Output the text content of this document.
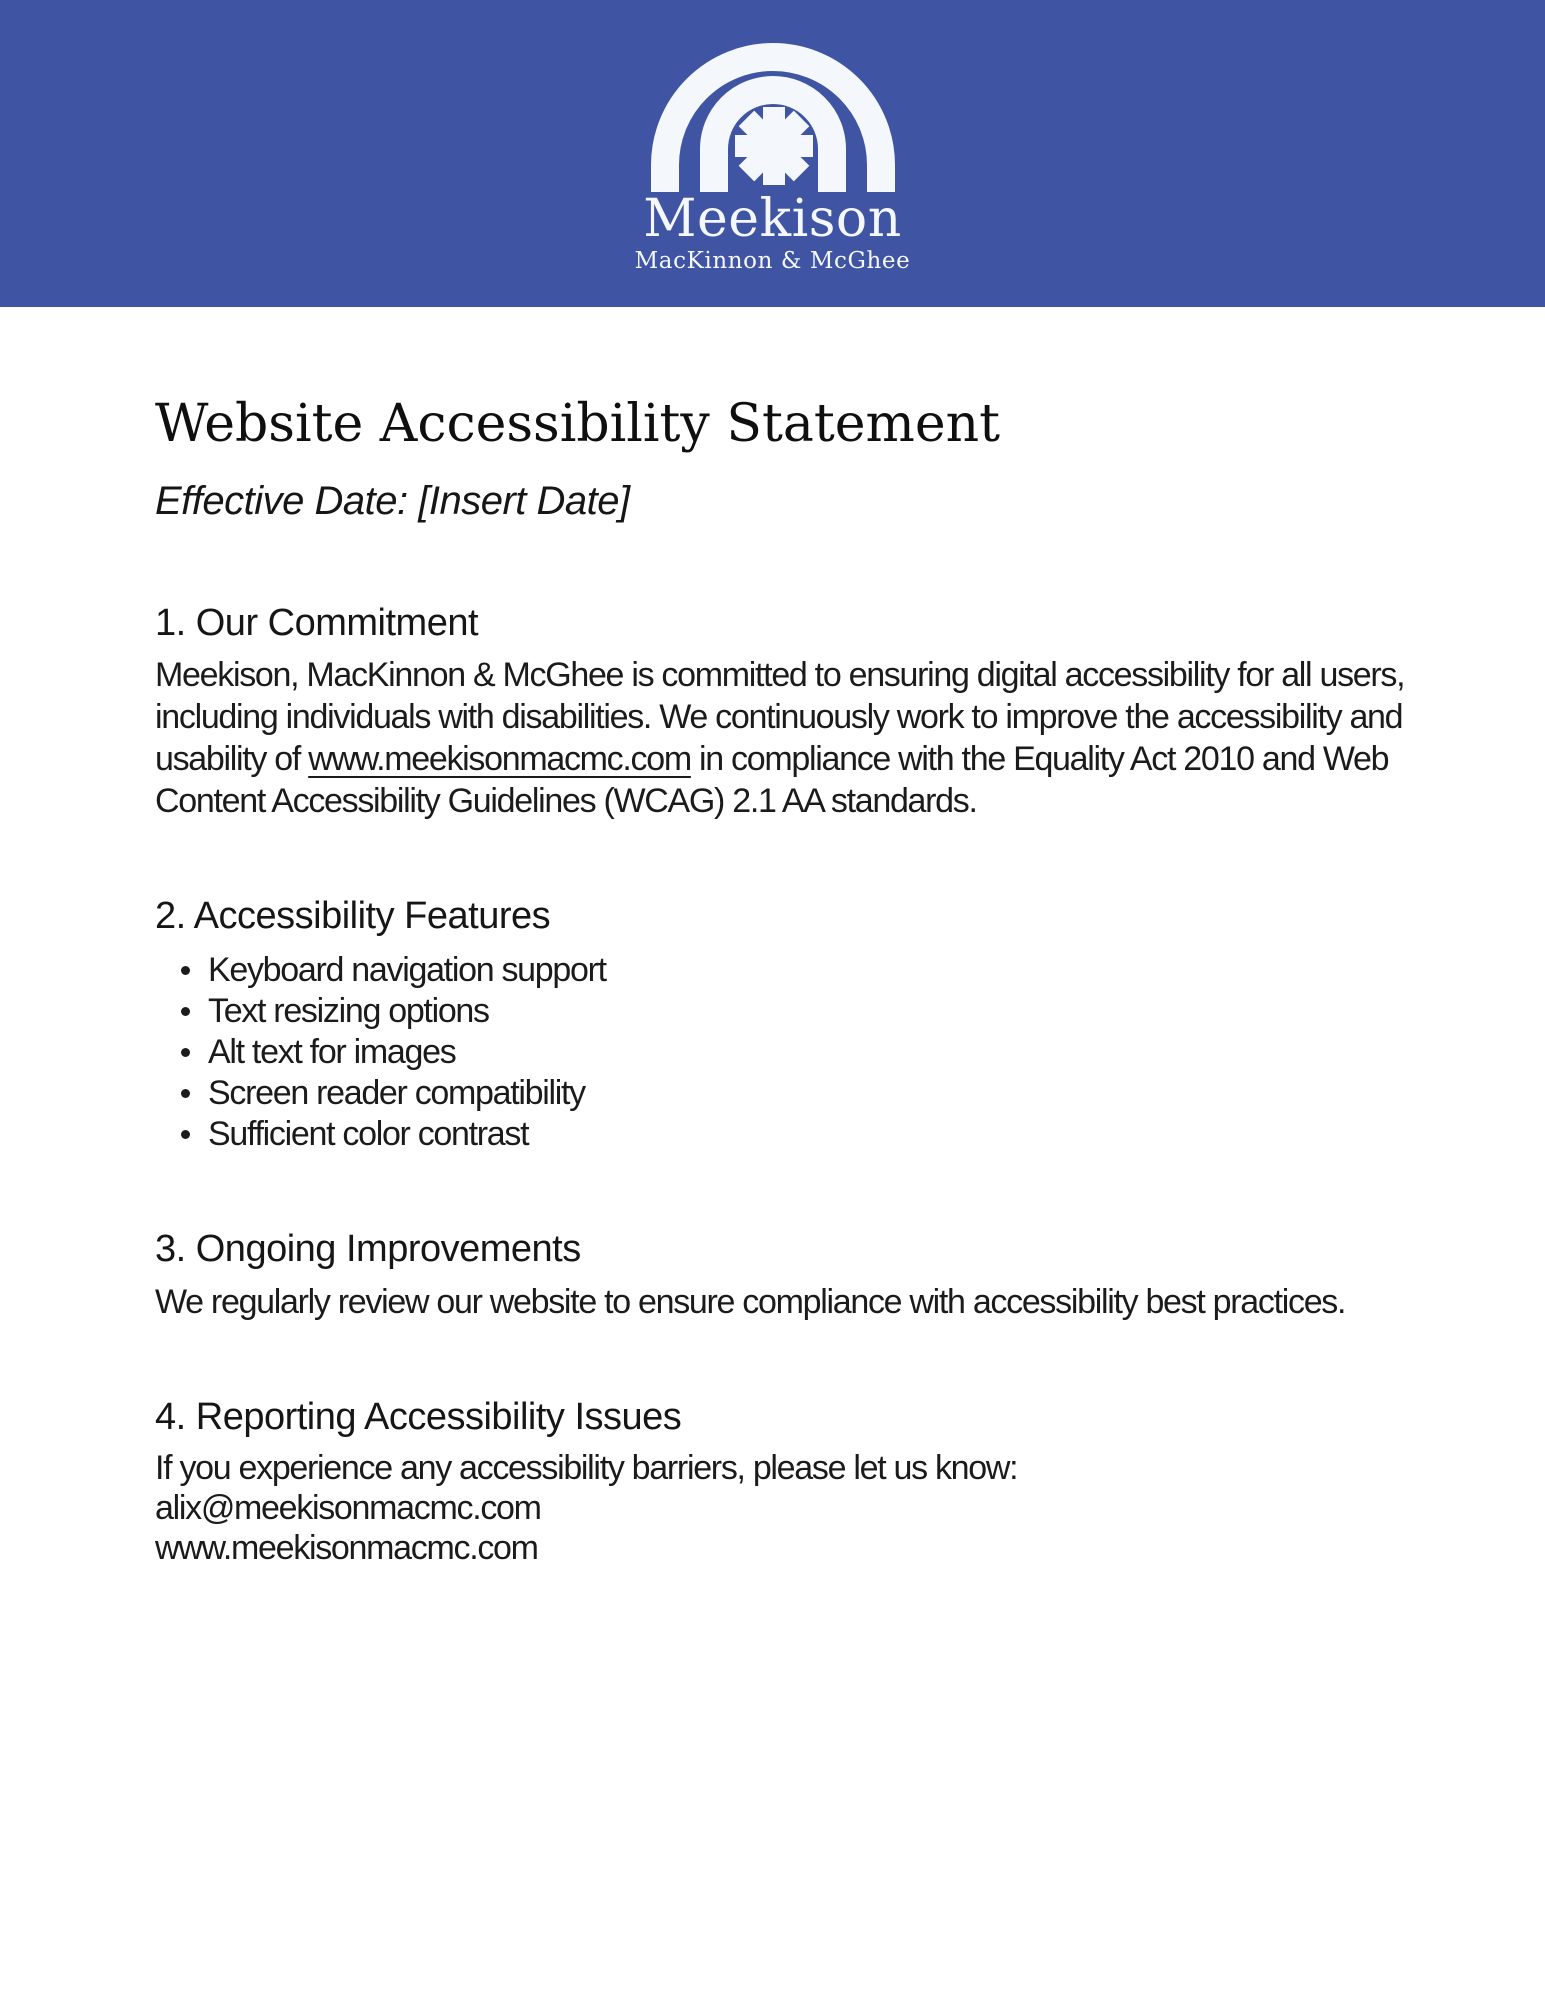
Meekison
MacKinnon & McGhee
Website Accessibility Statement
Effective Date: [Insert Date]
1. Our Commitment

Meekison, MacKinnon & McGhee is committed to ensuring digital accessibility for all users, including individuals with disabilities. We continuously work to improve the accessibility and usability of www.meekisonmacmc.com in compliance with the Equality Act 2010 and Web Content Accessibility Guidelines (WCAG) 2.1 AA standards.

2. Accessibility Features
Keyboard navigation support
Text resizing options
Alt text for images
Screen reader compatibility
Sufficient color contrast
3. Ongoing Improvements

We regularly review our website to ensure compliance with accessibility best practices.

4. Reporting Accessibility Issues

If you experience any accessibility barriers, please let us know:
alix@meekisonmacmc.com
www.meekisonmacmc.com
